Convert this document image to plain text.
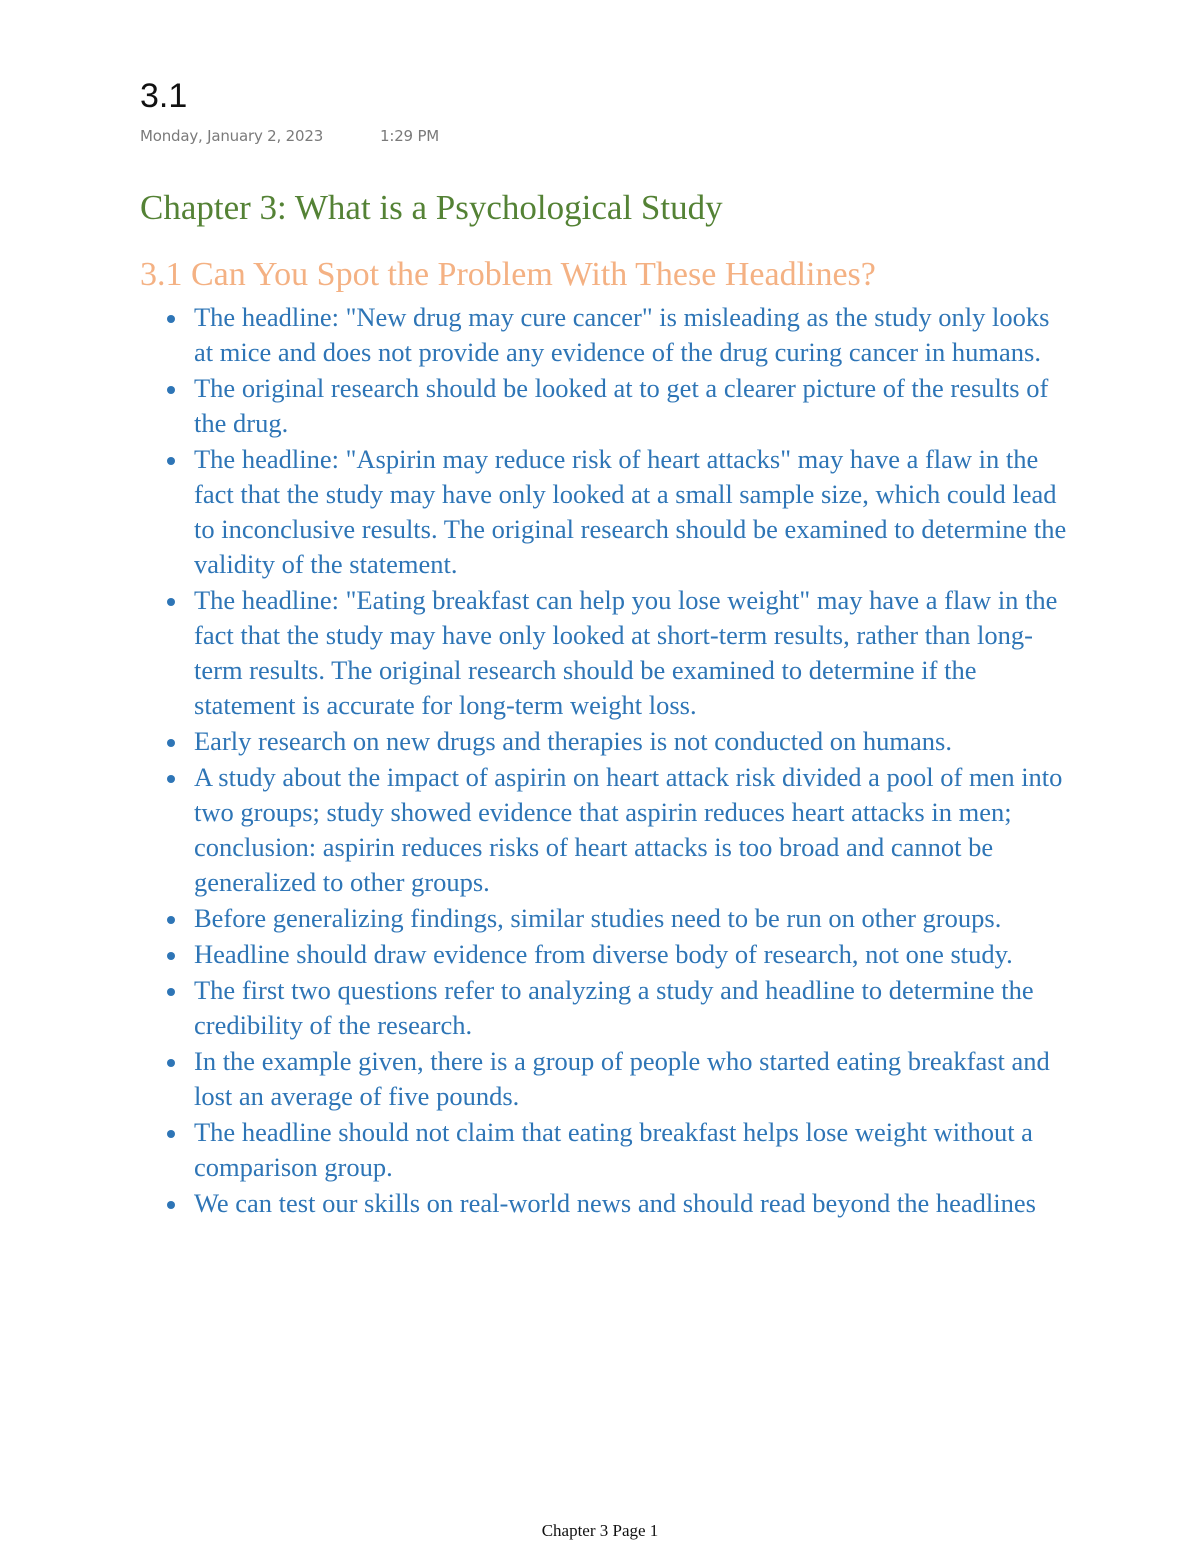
3.1
Monday, January 2, 2023	1:29 PM
Chapter 3: What is a Psychological Study
3.1 Can You Spot the Problem With These Headlines?
The headline: "New drug may cure cancer" is misleading as the study only looks at mice and does not provide any evidence of the drug curing cancer in humans.
The original research should be looked at to get a clearer picture of the results of the drug.
The headline: "Aspirin may reduce risk of heart attacks" may have a flaw in the fact that the study may have only looked at a small sample size, which could lead to inconclusive results. The original research should be examined to determine the validity of the statement.
The headline: "Eating breakfast can help you lose weight" may have a flaw in the fact that the study may have only looked at short-term results, rather than long-term results. The original research should be examined to determine if the statement is accurate for long-term weight loss.
Early research on new drugs and therapies is not conducted on humans.
A study about the impact of aspirin on heart attack risk divided a pool of men into two groups; study showed evidence that aspirin reduces heart attacks in men; conclusion: aspirin reduces risks of heart attacks is too broad and cannot be generalized to other groups.
Before generalizing findings, similar studies need to be run on other groups.
Headline should draw evidence from diverse body of research, not one study.
The first two questions refer to analyzing a study and headline to determine the credibility of the research.
In the example given, there is a group of people who started eating breakfast and lost an average of five pounds.
The headline should not claim that eating breakfast helps lose weight without a comparison group.
We can test our skills on real-world news and should read beyond the headlines
Chapter 3 Page 1
